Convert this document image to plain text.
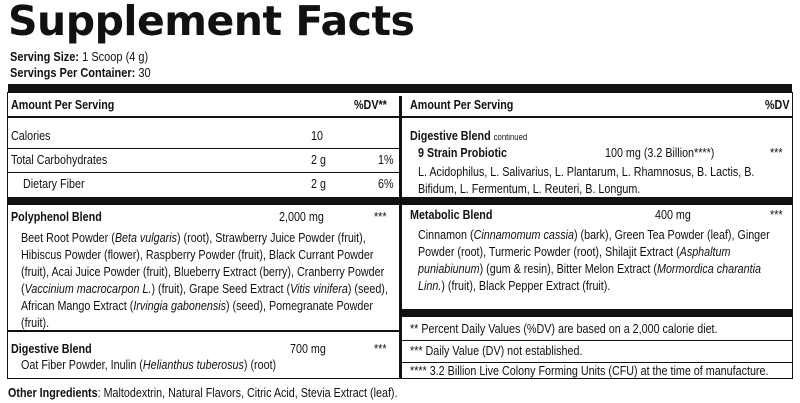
Supplement Facts
Serving Size: 1 Scoop (4 g)
Servings Per Container: 30
Amount Per Serving	%DV**
Calories	10
Total Carbohydrates	2 g	1%
Dietary Fiber	2 g	6%
Polyphenol Blend	2,000 mg	***
Beet Root Powder (Beta vulgaris) (root), Strawberry Juice Powder (fruit), Hibiscus Powder (flower), Raspberry Powder (fruit), Black Currant Powder (fruit), Acai Juice Powder (fruit), Blueberry Extract (berry), Cranberry Powder (Vaccinium macrocarpon L.) (fruit), Grape Seed Extract (Vitis vinifera) (seed), African Mango Extract (Irvingia gabonensis) (seed), Pomegranate Powder (fruit).
Digestive Blend	700 mg	***
Oat Fiber Powder, Inulin (Helianthus tuberosus) (root)
Amount Per Serving	%DV
Digestive Blend continued
9 Strain Probiotic	100 mg (3.2 Billion****)	***
L. Acidophilus, L. Salivarius, L. Plantarum, L. Rhamnosus, B. Lactis, B. Bifidum, L. Fermentum, L. Reuteri, B. Longum.
Metabolic Blend	400 mg	***
Cinnamon (Cinnamomum cassia) (bark), Green Tea Powder (leaf), Ginger Powder (root), Turmeric Powder (root), Shilajit Extract (Asphaltum puniabiunum) (gum & resin), Bitter Melon Extract (Mormordica charantia Linn.) (fruit), Black Pepper Extract (fruit).
** Percent Daily Values (%DV) are based on a 2,000 calorie diet.
*** Daily Value (DV) not established.
**** 3.2 Billion Live Colony Forming Units (CFU) at the time of manufacture.
Other Ingredients: Maltodextrin, Natural Flavors, Citric Acid, Stevia Extract (leaf).
